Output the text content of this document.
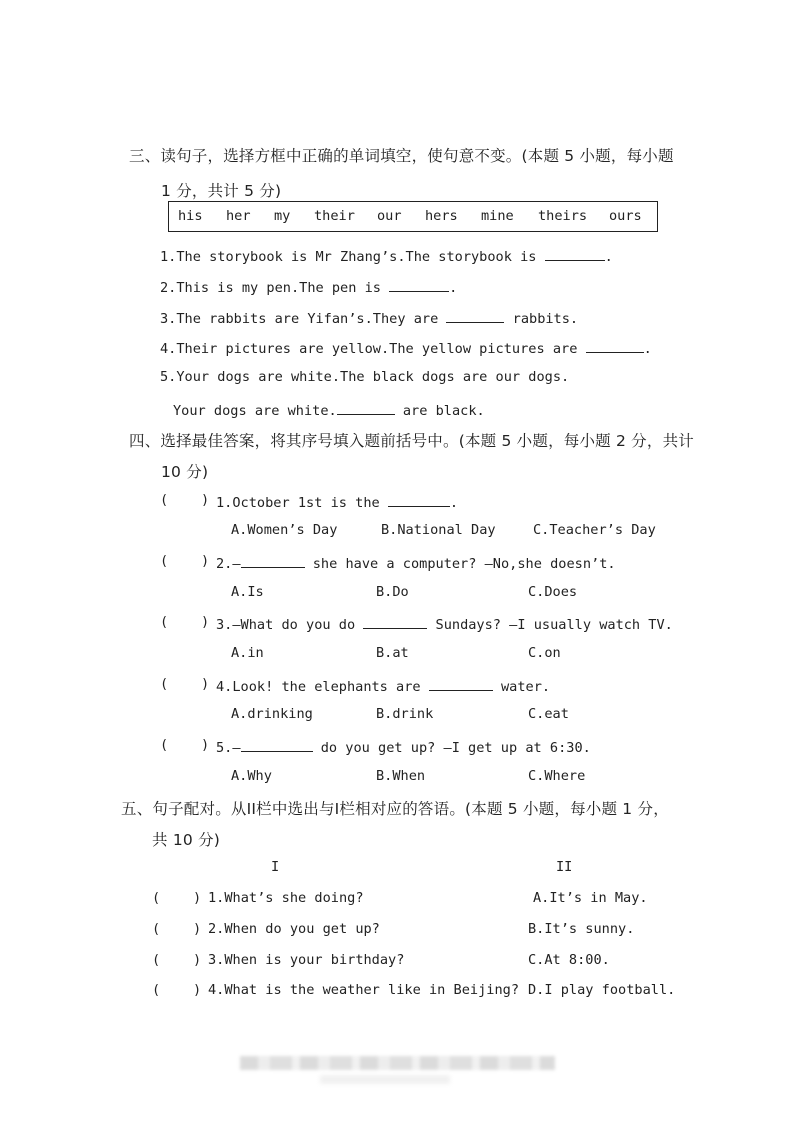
三、读句子，选择方框中正确的单词填空，使句意不变。(本题 5 小题，每小题
1 分，共计 5 分)
his her my their our hers mine theirs ours
1.The storybook is Mr Zhang’s.The storybook is	.
2.This is my pen.The pen is	.
3.The rabbits are Yifan’s.They are	rabbits.
4.Their pictures are yellow.The yellow pictures are	.
5.Your dogs are white.The black dogs are our dogs.
Your dogs are white.	are black.
四、选择最佳答案，将其序号填入题前括号中。(本题 5 小题，每小题 2 分，共计
10 分)
( ) 1.October 1st is the	.
A.Women’s Day	B.National Day	C.Teacher’s Day
( ) 2.—	she have a computer? —No,she doesn’t.
A.Is	B.Do	C.Does
( ) 3.—What do you do	Sundays? —I usually watch TV.
A.in	B.at	C.on
( ) 4.Look! the elephants are	water.
A.drinking	B.drink	C.eat
( ) 5.—	do you get up? —I get up at 6:30.
A.Why	B.When	C.Where
五、句子配对。从II栏中选出与I栏相对应的答语。(本题 5 小题，每小题 1 分，
共 10 分)
I	II
( ) 1.What’s she doing?	A.It’s in May.
( ) 2.When do you get up?	B.It’s sunny.
( ) 3.When is your birthday?	C.At 8:00.
( ) 4.What is the weather like in Beijing? D.I play football.
